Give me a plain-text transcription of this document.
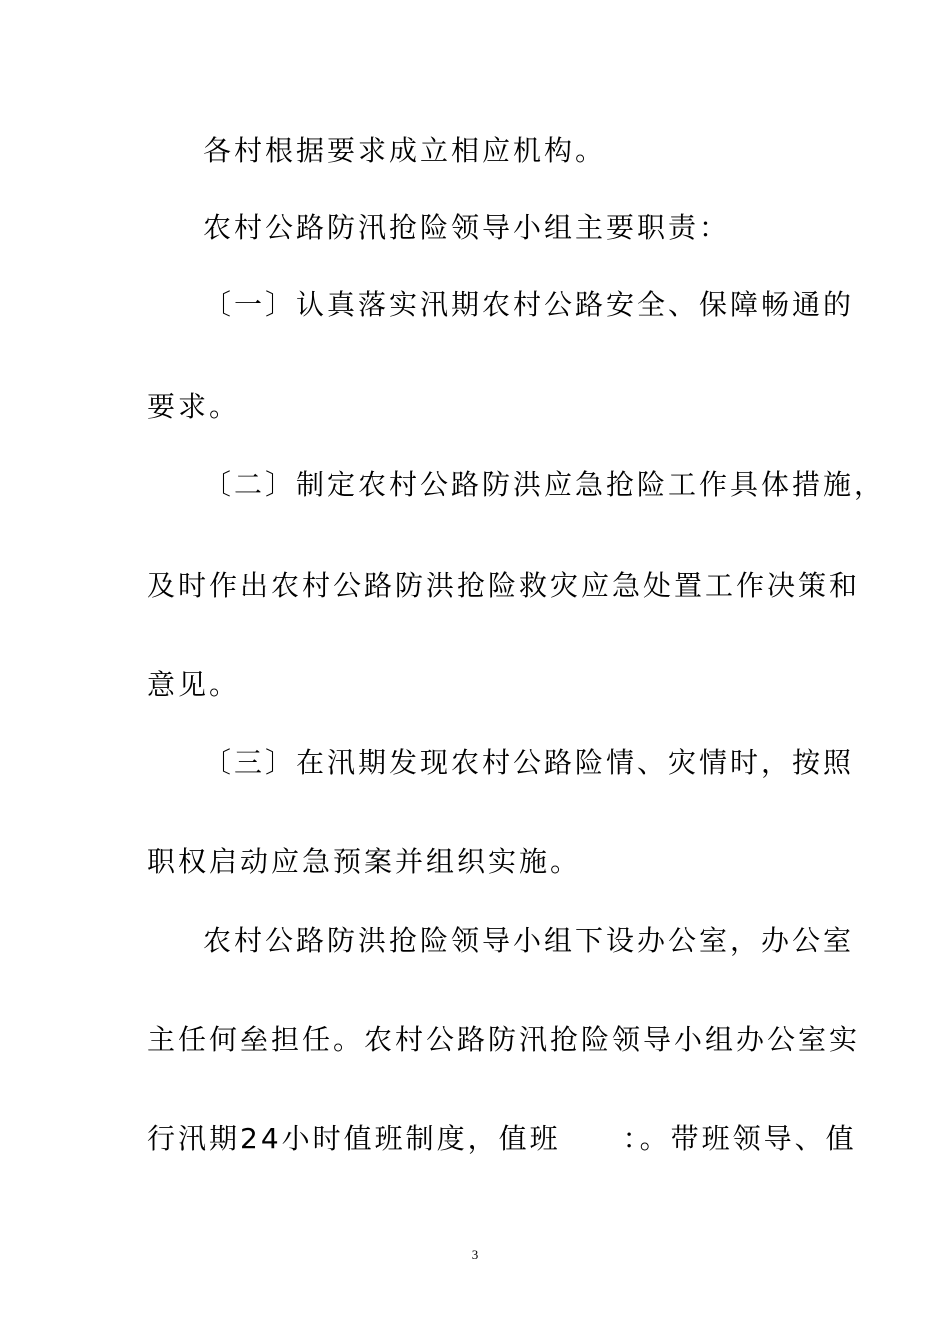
各村根据要求成立相应机构。
农村公路防汛抢险领导小组主要职责：
〔一〕认真落实汛期农村公路安全、保障畅通的
要求。
〔二〕制定农村公路防洪应急抢险工作具体措施，
及时作出农村公路防洪抢险救灾应急处置工作决策和
意见。
〔三〕在汛期发现农村公路险情、灾情时，按照
职权启动应急预案并组织实施。
农村公路防洪抢险领导小组下设办公室，办公室
主任何垒担任。农村公路防汛抢险领导小组办公室实
行汛期24小时值班制度，值班　　：。带班领导、值
3
